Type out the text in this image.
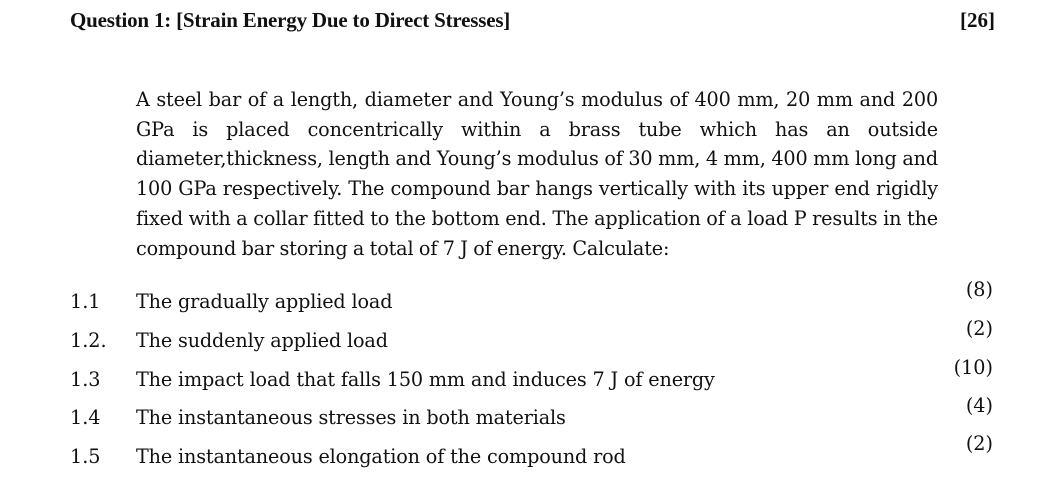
Question 1: [Strain Energy Due to Direct Stresses]	[26]
A steel bar of a length, diameter and Young’s modulus of 400 mm, 20 mm and 200 GPa is placed concentrically within a brass tube which has an outside diameter,thickness, length and Young’s modulus of 30 mm, 4 mm, 400 mm long and 100 GPa respectively. The compound bar hangs vertically with its upper end rigidly fixed with a collar fitted to the bottom end. The application of a load P results in the compound bar storing a total of 7 J of energy. Calculate:
1.1 The gradually applied load
(8)
1.2. The suddenly applied load
(2)
1.3 The impact load that falls 150 mm and induces 7 J of energy
(10)
1.4 The instantaneous stresses in both materials
(4)
1.5 The instantaneous elongation of the compound rod
(2)
